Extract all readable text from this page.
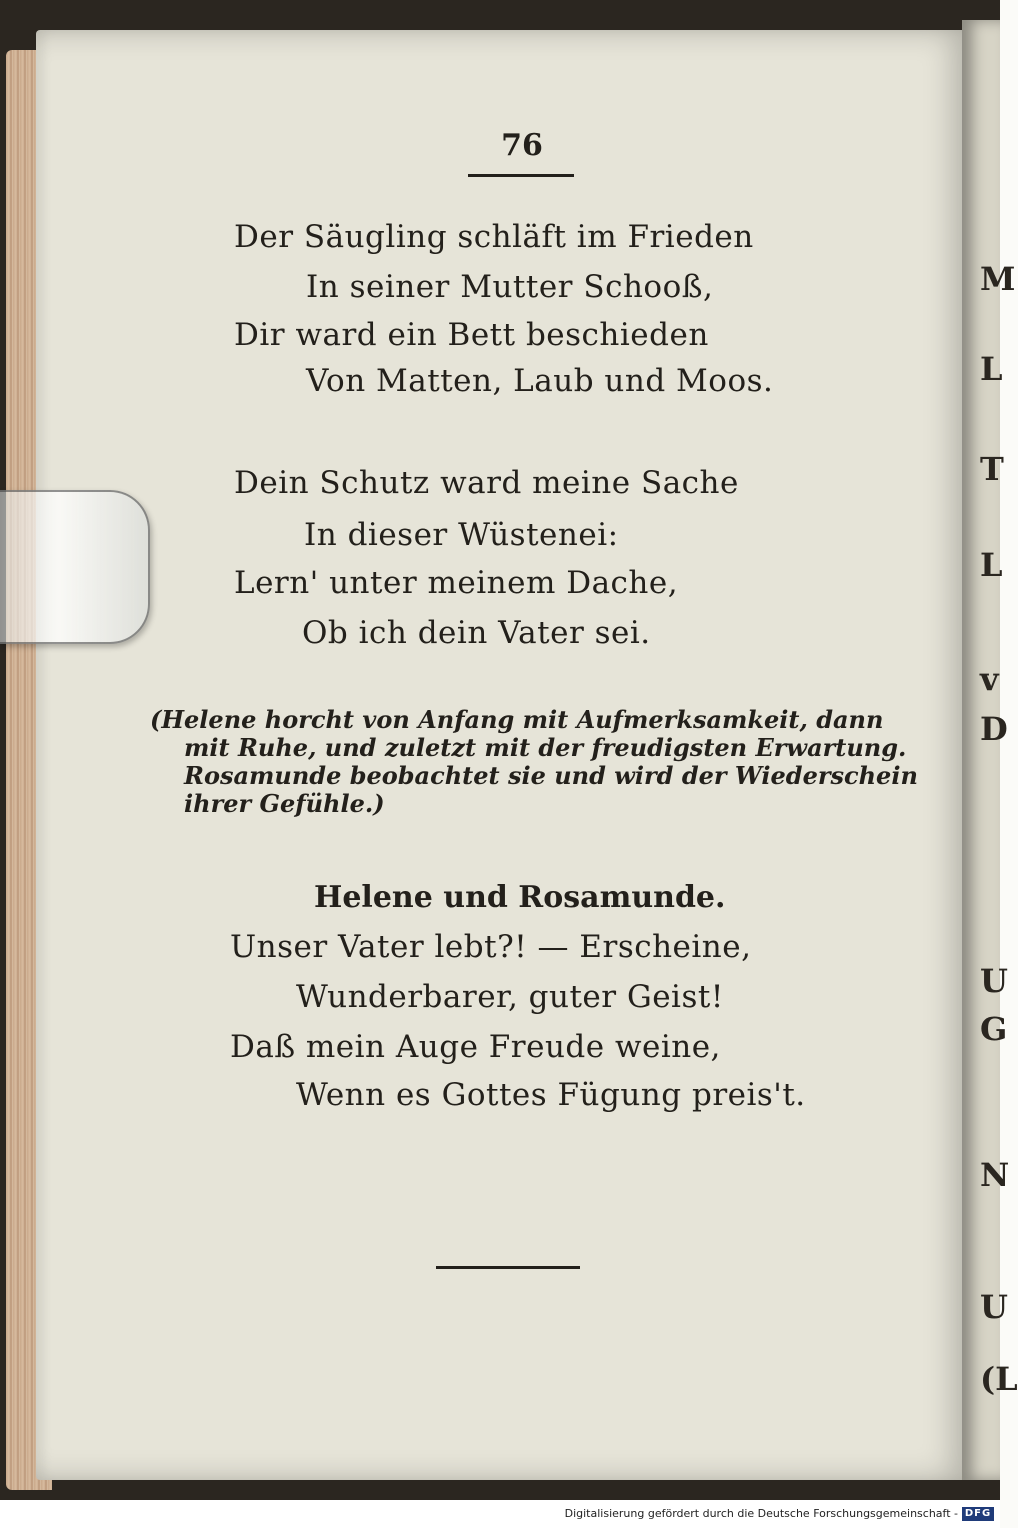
M
L
T
L
v
D
U
G
N
U
(L
76
Der Säugling schläft im Frieden
In seiner Mutter Schooß,
Dir ward ein Bett beschieden
Von Matten, Laub und Moos.
Dein Schutz ward meine Sache
In dieser Wüstenei:
Lern' unter meinem Dache,
Ob ich dein Vater sei.
(Helene horcht von Anfang mit Aufmerksamkeit, dann
mit Ruhe, und zuletzt mit der freudigsten Erwartung.
Rosamunde beobachtet sie und wird der Wiederschein
ihrer Gefühle.)
Helene und Rosamunde.
Unser Vater lebt?! — Erscheine,
Wunderbarer, guter Geist!
Daß mein Auge Freude weine,
Wenn es Gottes Fügung preis't.
Digitalisierung gefördert durch die Deutsche Forschungsgemeinschaft - DFG
